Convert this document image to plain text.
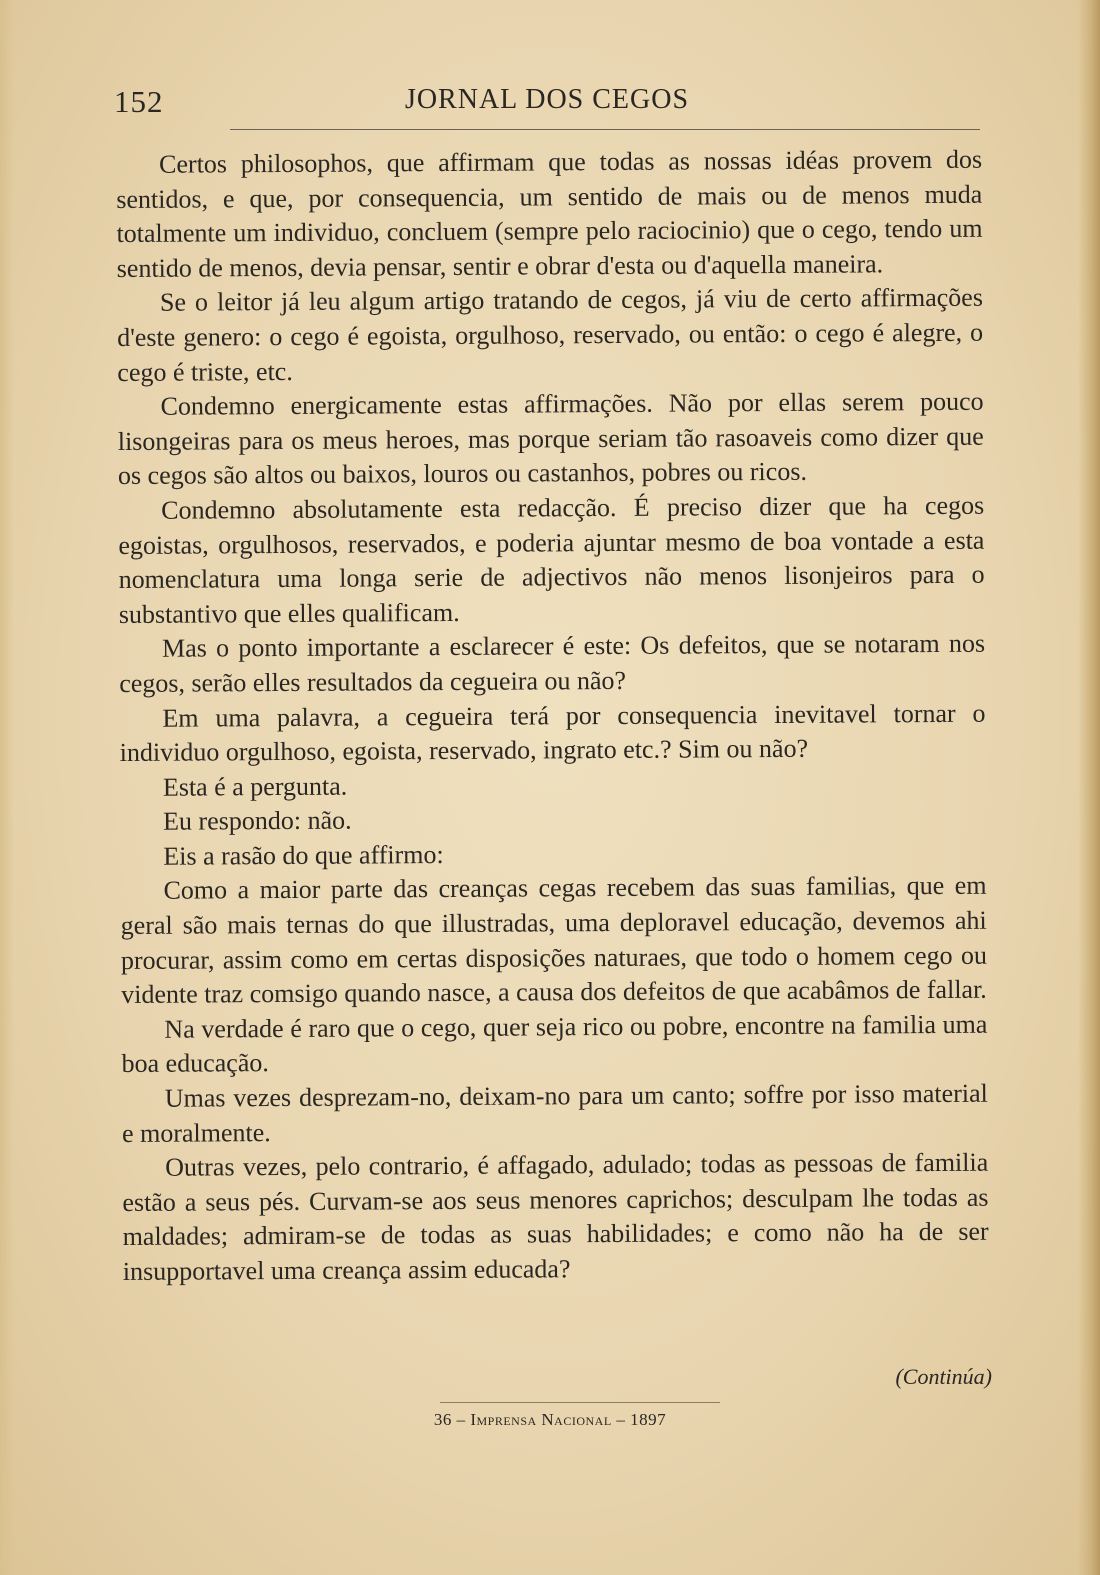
152	JORNAL DOS CEGOS

Certos philosophos, que affirmam que todas as nossas idéas provem dos sentidos, e que, por consequencia, um sentido de mais ou de menos muda totalmente um individuo, concluem (sempre pelo raciocinio) que o cego, tendo um sentido de menos, devia pensar, sentir e obrar d'esta ou d'aquella maneira.

Se o leitor já leu algum artigo tratando de cegos, já viu de certo affirmações d'este genero: o cego é egoista, orgulhoso, reservado, ou então: o cego é alegre, o cego é triste, etc.

Condemno energicamente estas affirmações. Não por ellas serem pouco lisongeiras para os meus heroes, mas porque seriam tão rasoaveis como dizer que os cegos são altos ou baixos, louros ou castanhos, pobres ou ricos.

Condemno absolutamente esta redacção. É preciso dizer que ha cegos egoistas, orgulhosos, reservados, e poderia ajuntar mesmo de boa vontade a esta nomenclatura uma longa serie de adjectivos não menos lisonjeiros para o substantivo que elles qualificam.

Mas o ponto importante a esclarecer é este: Os defeitos, que se notaram nos cegos, serão elles resultados da cegueira ou não?

Em uma palavra, a cegueira terá por consequencia inevitavel tornar o individuo orgulhoso, egoista, reservado, ingrato etc.? Sim ou não?

Esta é a pergunta.

Eu respondo: não.

Eis a rasão do que affirmo:

Como a maior parte das creanças cegas recebem das suas familias, que em geral são mais ternas do que illustradas, uma deploravel educação, devemos ahi procurar, assim como em certas disposições naturaes, que todo o homem cego ou vidente traz comsigo quando nasce, a causa dos defeitos de que acabâmos de fallar.

Na verdade é raro que o cego, quer seja rico ou pobre, encontre na familia uma boa educação.

Umas vezes desprezam-no, deixam-no para um canto; soffre por isso material e moralmente.

Outras vezes, pelo contrario, é affagado, adulado; todas as pessoas de familia estão a seus pés. Curvam-se aos seus menores caprichos; desculpam lhe todas as maldades; admiram-se de todas as suas habilidades; e como não ha de ser insupportavel uma creança assim educada?

(Continúa)
36 – Imprensa Nacional – 1897
